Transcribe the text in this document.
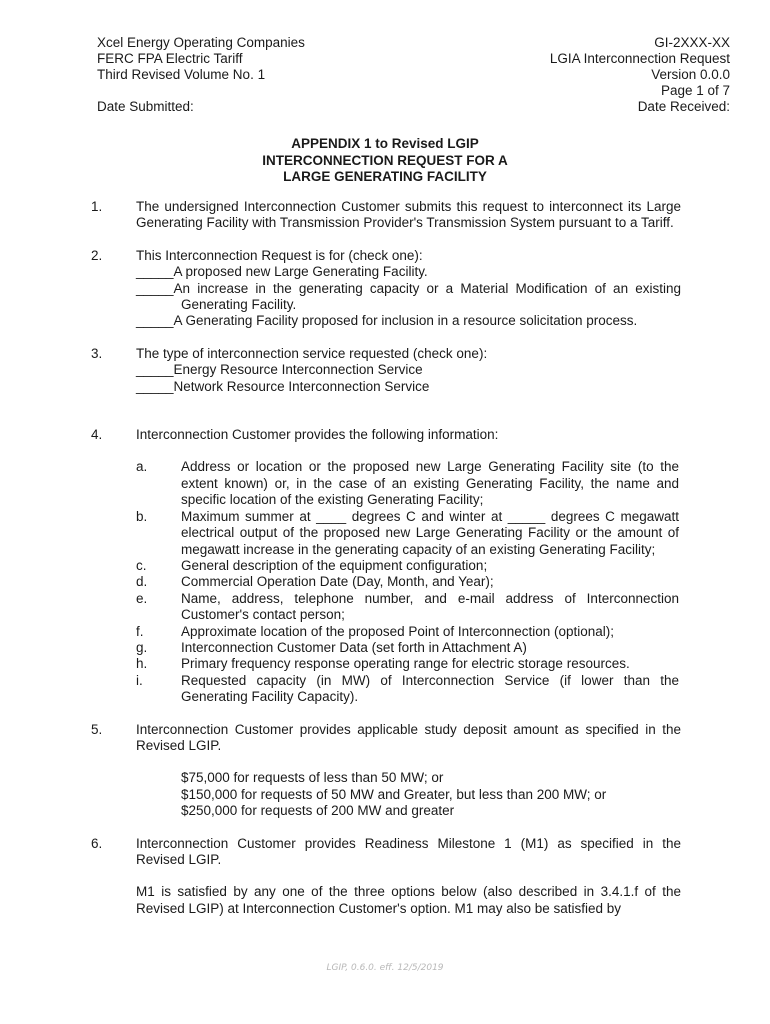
Xcel Energy Operating Companies
FERC FPA Electric Tariff
Third Revised Volume No. 1
Date Submitted:
GI-2XXX-XX
LGIA Interconnection Request
Version 0.0.0
Page 1 of 7
Date Received:
APPENDIX 1 to Revised LGIP
INTERCONNECTION REQUEST FOR A
LARGE GENERATING FACILITY
1. The undersigned Interconnection Customer submits this request to interconnect its Large Generating Facility with Transmission Provider's Transmission System pursuant to a Tariff.
2. This Interconnection Request is for (check one):
_____A proposed new Large Generating Facility.
_____An increase in the generating capacity or a Material Modification of an existing
Generating Facility.
_____A Generating Facility proposed for inclusion in a resource solicitation process.
3. The type of interconnection service requested (check one):
_____Energy Resource Interconnection Service
_____Network Resource Interconnection Service
4. Interconnection Customer provides the following information:
a. Address or location or the proposed new Large Generating Facility site (to the extent known) or, in the case of an existing Generating Facility, the name and specific location of the existing Generating Facility;
b. Maximum summer at ____ degrees C and winter at _____ degrees C megawatt electrical output of the proposed new Large Generating Facility or the amount of megawatt increase in the generating capacity of an existing Generating Facility;
c.	General description of the equipment configuration;
d. Commercial Operation Date (Day, Month, and Year);
e. Name, address, telephone number, and e-mail address of Interconnection Customer's contact person;
f.	Approximate location of the proposed Point of Interconnection (optional);
g. Interconnection Customer Data (set forth in Attachment A)
h. Primary frequency response operating range for electric storage resources.
i.	Requested capacity (in MW) of Interconnection Service (if lower than the Generating Facility Capacity).
5. Interconnection Customer provides applicable study deposit amount as specified in the Revised LGIP.
$75,000 for requests of less than 50 MW; or
$150,000 for requests of 50 MW and Greater, but less than 200 MW; or
$250,000 for requests of 200 MW and greater
6. Interconnection Customer provides Readiness Milestone 1 (M1) as specified in the Revised LGIP.
M1 is satisfied by any one of the three options below (also described in 3.4.1.f of the Revised LGIP) at Interconnection Customer's option. M1 may also be satisfied by
LGIP, 0.6.0. eff. 12/5/2019
